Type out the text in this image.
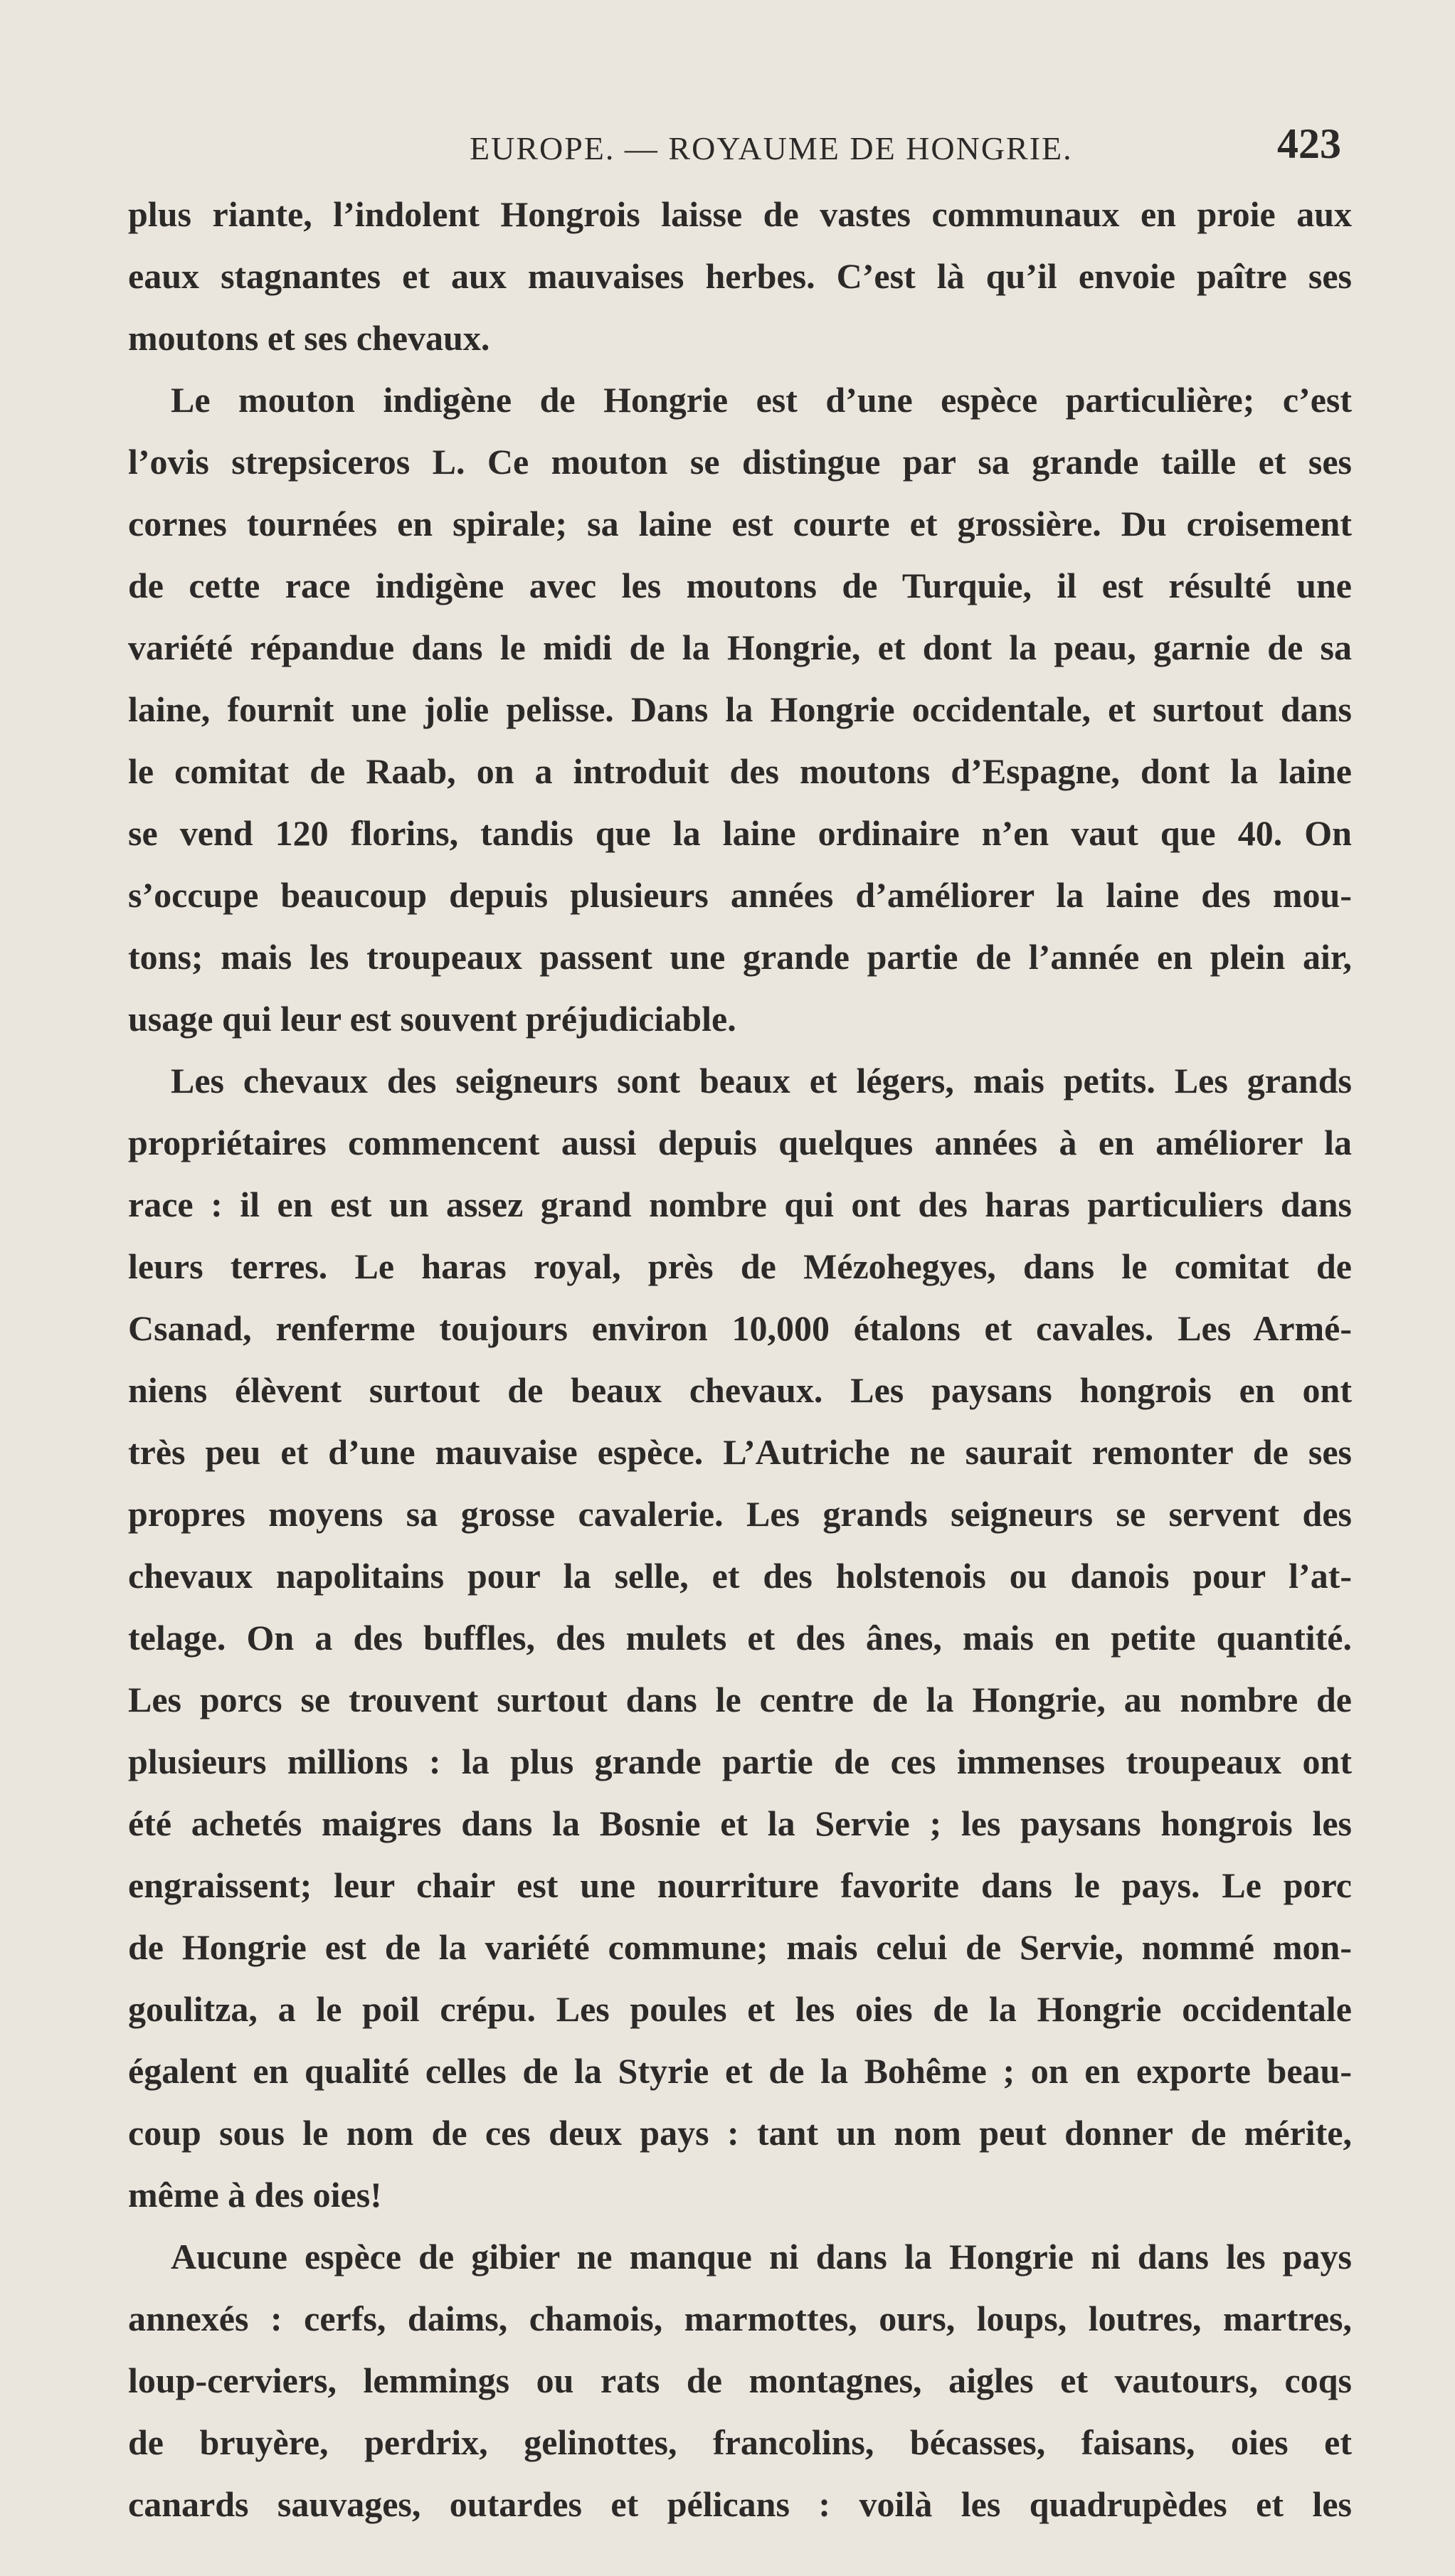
EUROPE. — ROYAUME DE HONGRIE.	423
plus riante, l’indolent Hongrois laisse de vastes communaux en proie aux
eaux stagnantes et aux mauvaises herbes. C’est là qu’il envoie paître ses
moutons et ses chevaux.
Le mouton indigène de Hongrie est d’une espèce particulière; c’est
l’ovis strepsiceros L. Ce mouton se distingue par sa grande taille et ses
cornes tournées en spirale; sa laine est courte et grossière. Du croisement
de cette race indigène avec les moutons de Turquie, il est résulté une
variété répandue dans le midi de la Hongrie, et dont la peau, garnie de sa
laine, fournit une jolie pelisse. Dans la Hongrie occidentale, et surtout dans
le comitat de Raab, on a introduit des moutons d’Espagne, dont la laine
se vend 120 florins, tandis que la laine ordinaire n’en vaut que 40. On
s’occupe beaucoup depuis plusieurs années d’améliorer la laine des mou-
tons; mais les troupeaux passent une grande partie de l’année en plein air,
usage qui leur est souvent préjudiciable.
Les chevaux des seigneurs sont beaux et légers, mais petits. Les grands
propriétaires commencent aussi depuis quelques années à en améliorer la
race : il en est un assez grand nombre qui ont des haras particuliers dans
leurs terres. Le haras royal, près de Mézohegyes, dans le comitat de
Csanad, renferme toujours environ 10,000 étalons et cavales. Les Armé-
niens élèvent surtout de beaux chevaux. Les paysans hongrois en ont
très peu et d’une mauvaise espèce. L’Autriche ne saurait remonter de ses
propres moyens sa grosse cavalerie. Les grands seigneurs se servent des
chevaux napolitains pour la selle, et des holstenois ou danois pour l’at-
telage. On a des buffles, des mulets et des ânes, mais en petite quantité.
Les porcs se trouvent surtout dans le centre de la Hongrie, au nombre de
plusieurs millions : la plus grande partie de ces immenses troupeaux ont
été achetés maigres dans la Bosnie et la Servie ; les paysans hongrois les
engraissent; leur chair est une nourriture favorite dans le pays. Le porc
de Hongrie est de la variété commune; mais celui de Servie, nommé mon-
goulitza, a le poil crépu. Les poules et les oies de la Hongrie occidentale
égalent en qualité celles de la Styrie et de la Bohême ; on en exporte beau-
coup sous le nom de ces deux pays : tant un nom peut donner de mérite,
même à des oies!
Aucune espèce de gibier ne manque ni dans la Hongrie ni dans les pays
annexés : cerfs, daims, chamois, marmottes, ours, loups, loutres, martres,
loup-cerviers, lemmings ou rats de montagnes, aigles et vautours, coqs
de bruyère, perdrix, gelinottes, francolins, bécasses, faisans, oies et
canards sauvages, outardes et pélicans : voilà les quadrupèdes et les
